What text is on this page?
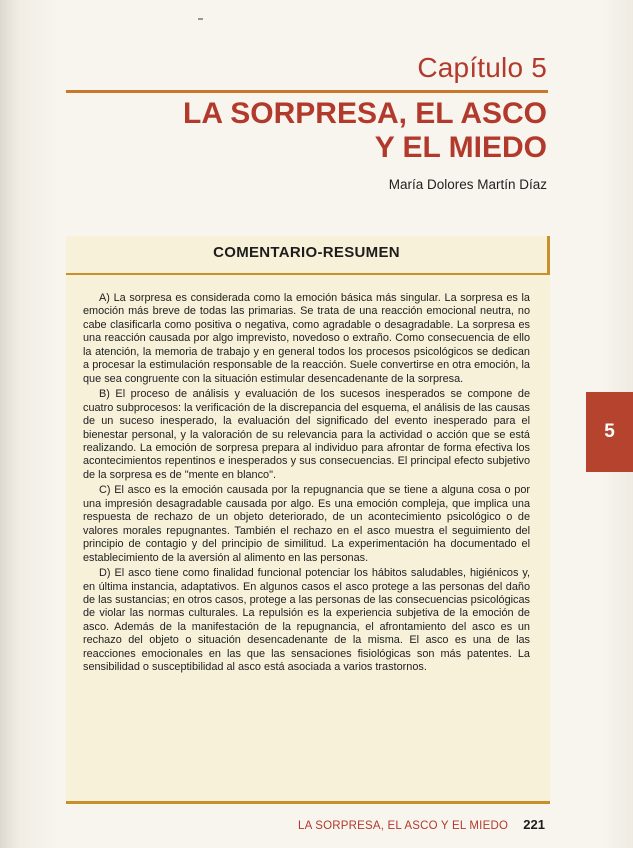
Capítulo 5
LA SORPRESA, EL ASCO
Y EL MIEDO
María Dolores Martín Díaz
COMENTARIO-RESUMEN

A) La sorpresa es considerada como la emoción básica más singular. La sorpresa es la emoción más breve de todas las primarias. Se trata de una reacción emocional neutra, no cabe clasificarla como positiva o negativa, como agradable o desagradable. La sorpresa es una reacción causada por algo imprevisto, novedoso o extraño. Como consecuencia de ello la atención, la memoria de trabajo y en general todos los procesos psicológicos se dedican a procesar la estimulación responsable de la reacción. Suele convertirse en otra emoción, la que sea congruente con la situación estimular desencadenante de la sorpresa.

B) El proceso de análisis y evaluación de los sucesos inesperados se compone de cuatro subprocesos: la verificación de la discrepancia del esquema, el análisis de las causas de un suceso inesperado, la evaluación del significado del evento inesperado para el bienestar personal, y la valoración de su relevancia para la actividad o acción que se está realizando. La emoción de sorpresa prepara al individuo para afrontar de forma efectiva los acontecimientos repentinos e inesperados y sus consecuencias. El principal efecto subjetivo de la sorpresa es de "mente en blanco".

C) El asco es la emoción causada por la repugnancia que se tiene a alguna cosa o por una impresión desagradable causada por algo. Es una emoción compleja, que implica una respuesta de rechazo de un objeto deteriorado, de un acontecimiento psicológico o de valores morales repugnantes. También el rechazo en el asco muestra el seguimiento del principio de contagio y del principio de similitud. La experimentación ha documentado el establecimiento de la aversión al alimento en las personas.

D) El asco tiene como finalidad funcional potenciar los hábitos saludables, higiénicos y, en última instancia, adaptativos. En algunos casos el asco protege a las personas del daño de las sustancias; en otros casos, protege a las personas de las consecuencias psicológicas de violar las normas culturales. La repulsión es la experiencia subjetiva de la emoción de asco. Además de la manifestación de la repugnancia, el afrontamiento del asco es un rechazo del objeto o situación desencadenante de la misma. El asco es una de las reacciones emocionales en las que las sensaciones fisiológicas son más patentes. La sensibilidad o susceptibilidad al asco está asociada a varios trastornos.

5
LA SORPRESA, EL ASCO Y EL MIEDO 221
